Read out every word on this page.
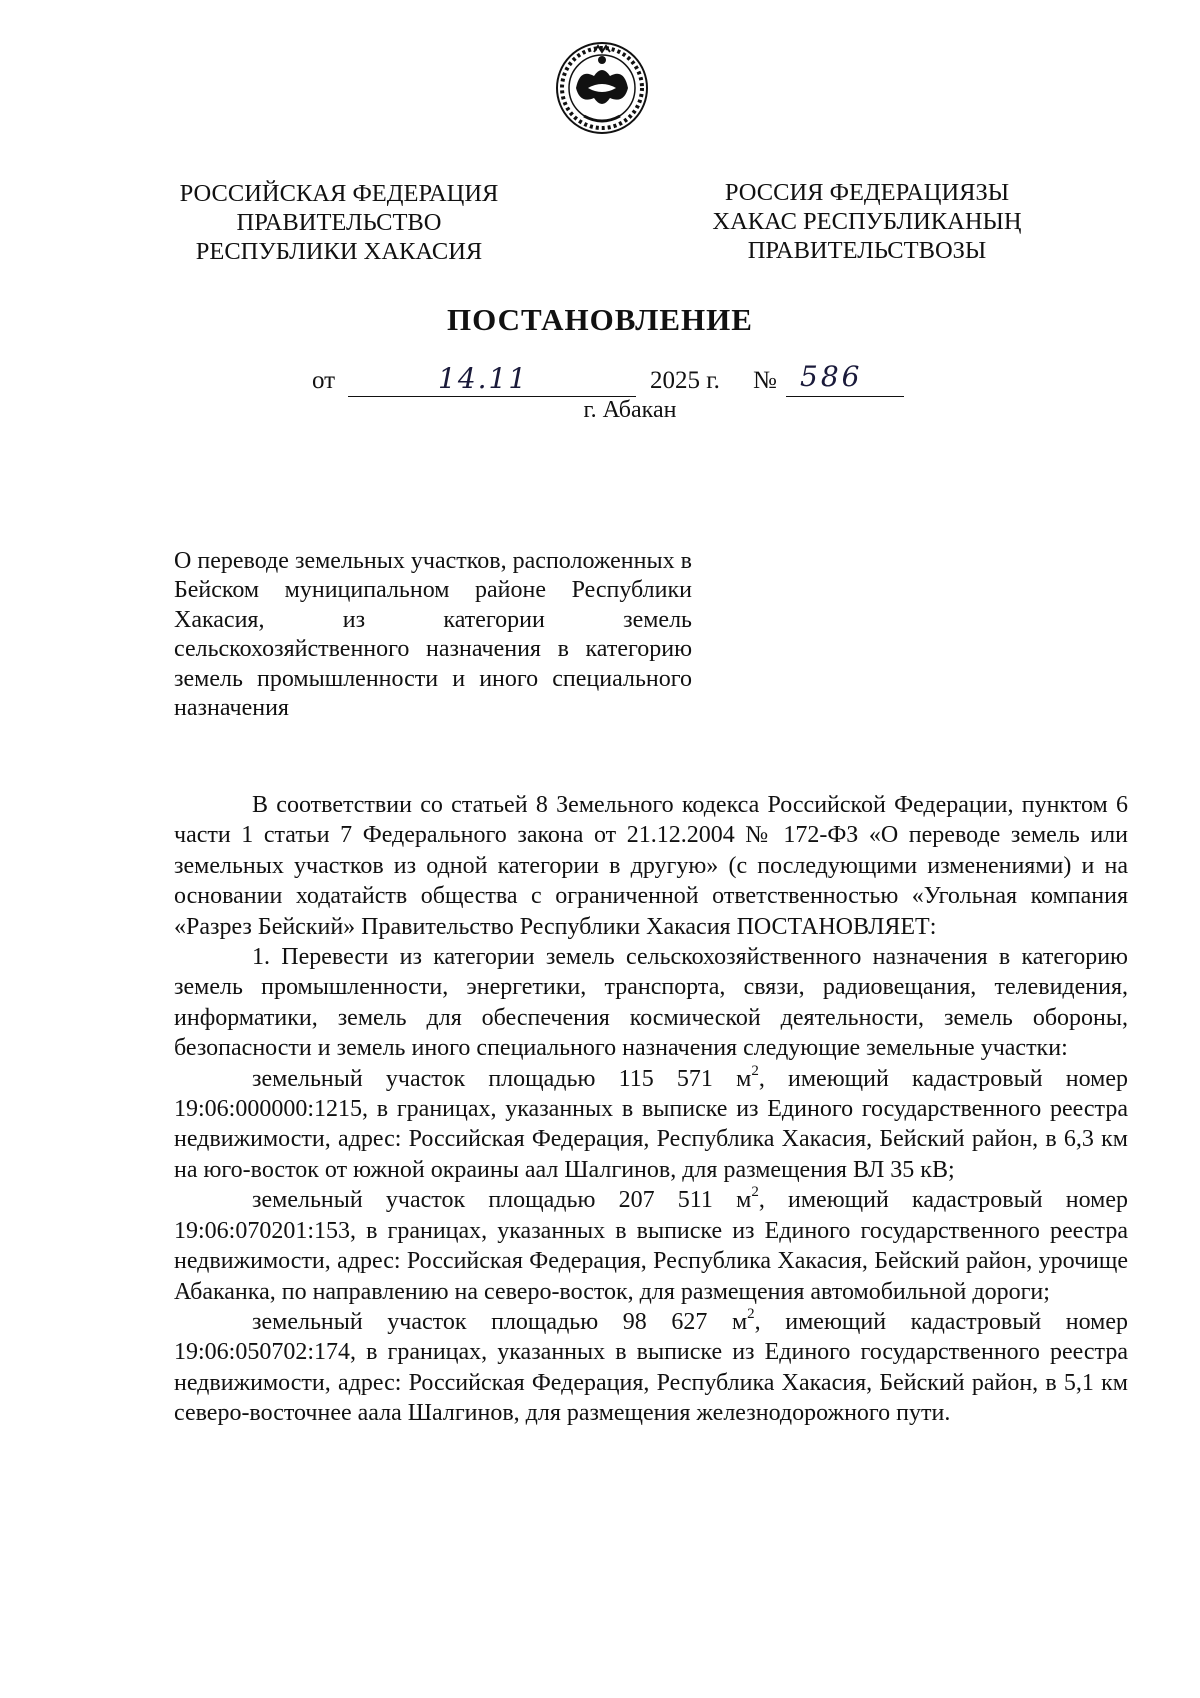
РОССИЙСКАЯ ФЕДЕРАЦИЯ
ПРАВИТЕЛЬСТВО
РЕСПУБЛИКИ ХАКАСИЯ
РОССИЯ ФЕДЕРАЦИЯЗЫ
ХАКАС РЕСПУБЛИКАНЫҢ
ПРАВИТЕЛЬСТВОЗЫ
ПОСТАНОВЛЕНИЕ
от	14.11	2025 г. № 586
г. Абакан
О переводе земельных участков, расположенных в Бейском муниципальном районе Республики Хакасия, из категории земель сельскохозяйственного назначения в категорию земель промышленности и иного специального назначения

В соответствии со статьей 8 Земельного кодекса Российской Федерации, пунктом 6 части 1 статьи 7 Федерального закона от 21.12.2004 № 172-ФЗ «О переводе земель или земельных участков из одной категории в другую» (с последующими изменениями) и на основании ходатайств общества с ограниченной ответственностью «Угольная компания «Разрез Бейский» Правительство Республики Хакасия ПОСТАНОВЛЯЕТ:

1. Перевести из категории земель сельскохозяйственного назначения в категорию земель промышленности, энергетики, транспорта, связи, радиовещания, телевидения, информатики, земель для обеспечения космической деятельности, земель обороны, безопасности и земель иного специального назначения следующие земельные участки:

земельный участок площадью 115 571 $м^2$, имеющий кадастровый номер 19:06:000000:1215, в границах, указанных в выписке из Единого государственного реестра недвижимости, адрес: Российская Федерация, Республика Хакасия, Бейский район, в 6,3 км на юго-восток от южной окраины аал Шалгинов, для размещения ВЛ 35 кВ;

земельный участок площадью 207 511 $м^2$, имеющий кадастровый номер 19:06:070201:153, в границах, указанных в выписке из Единого государственного реестра недвижимости, адрес: Российская Федерация, Республика Хакасия, Бейский район, урочище Абаканка, по направлению на северо-восток, для размещения автомобильной дороги;

земельный участок площадью 98 627 $м^2$, имеющий кадастровый номер 19:06:050702:174, в границах, указанных в выписке из Единого государственного реестра недвижимости, адрес: Российская Федерация, Республика Хакасия, Бейский район, в 5,1 км северо-восточнее аала Шалгинов, для размещения железнодорожного пути.
